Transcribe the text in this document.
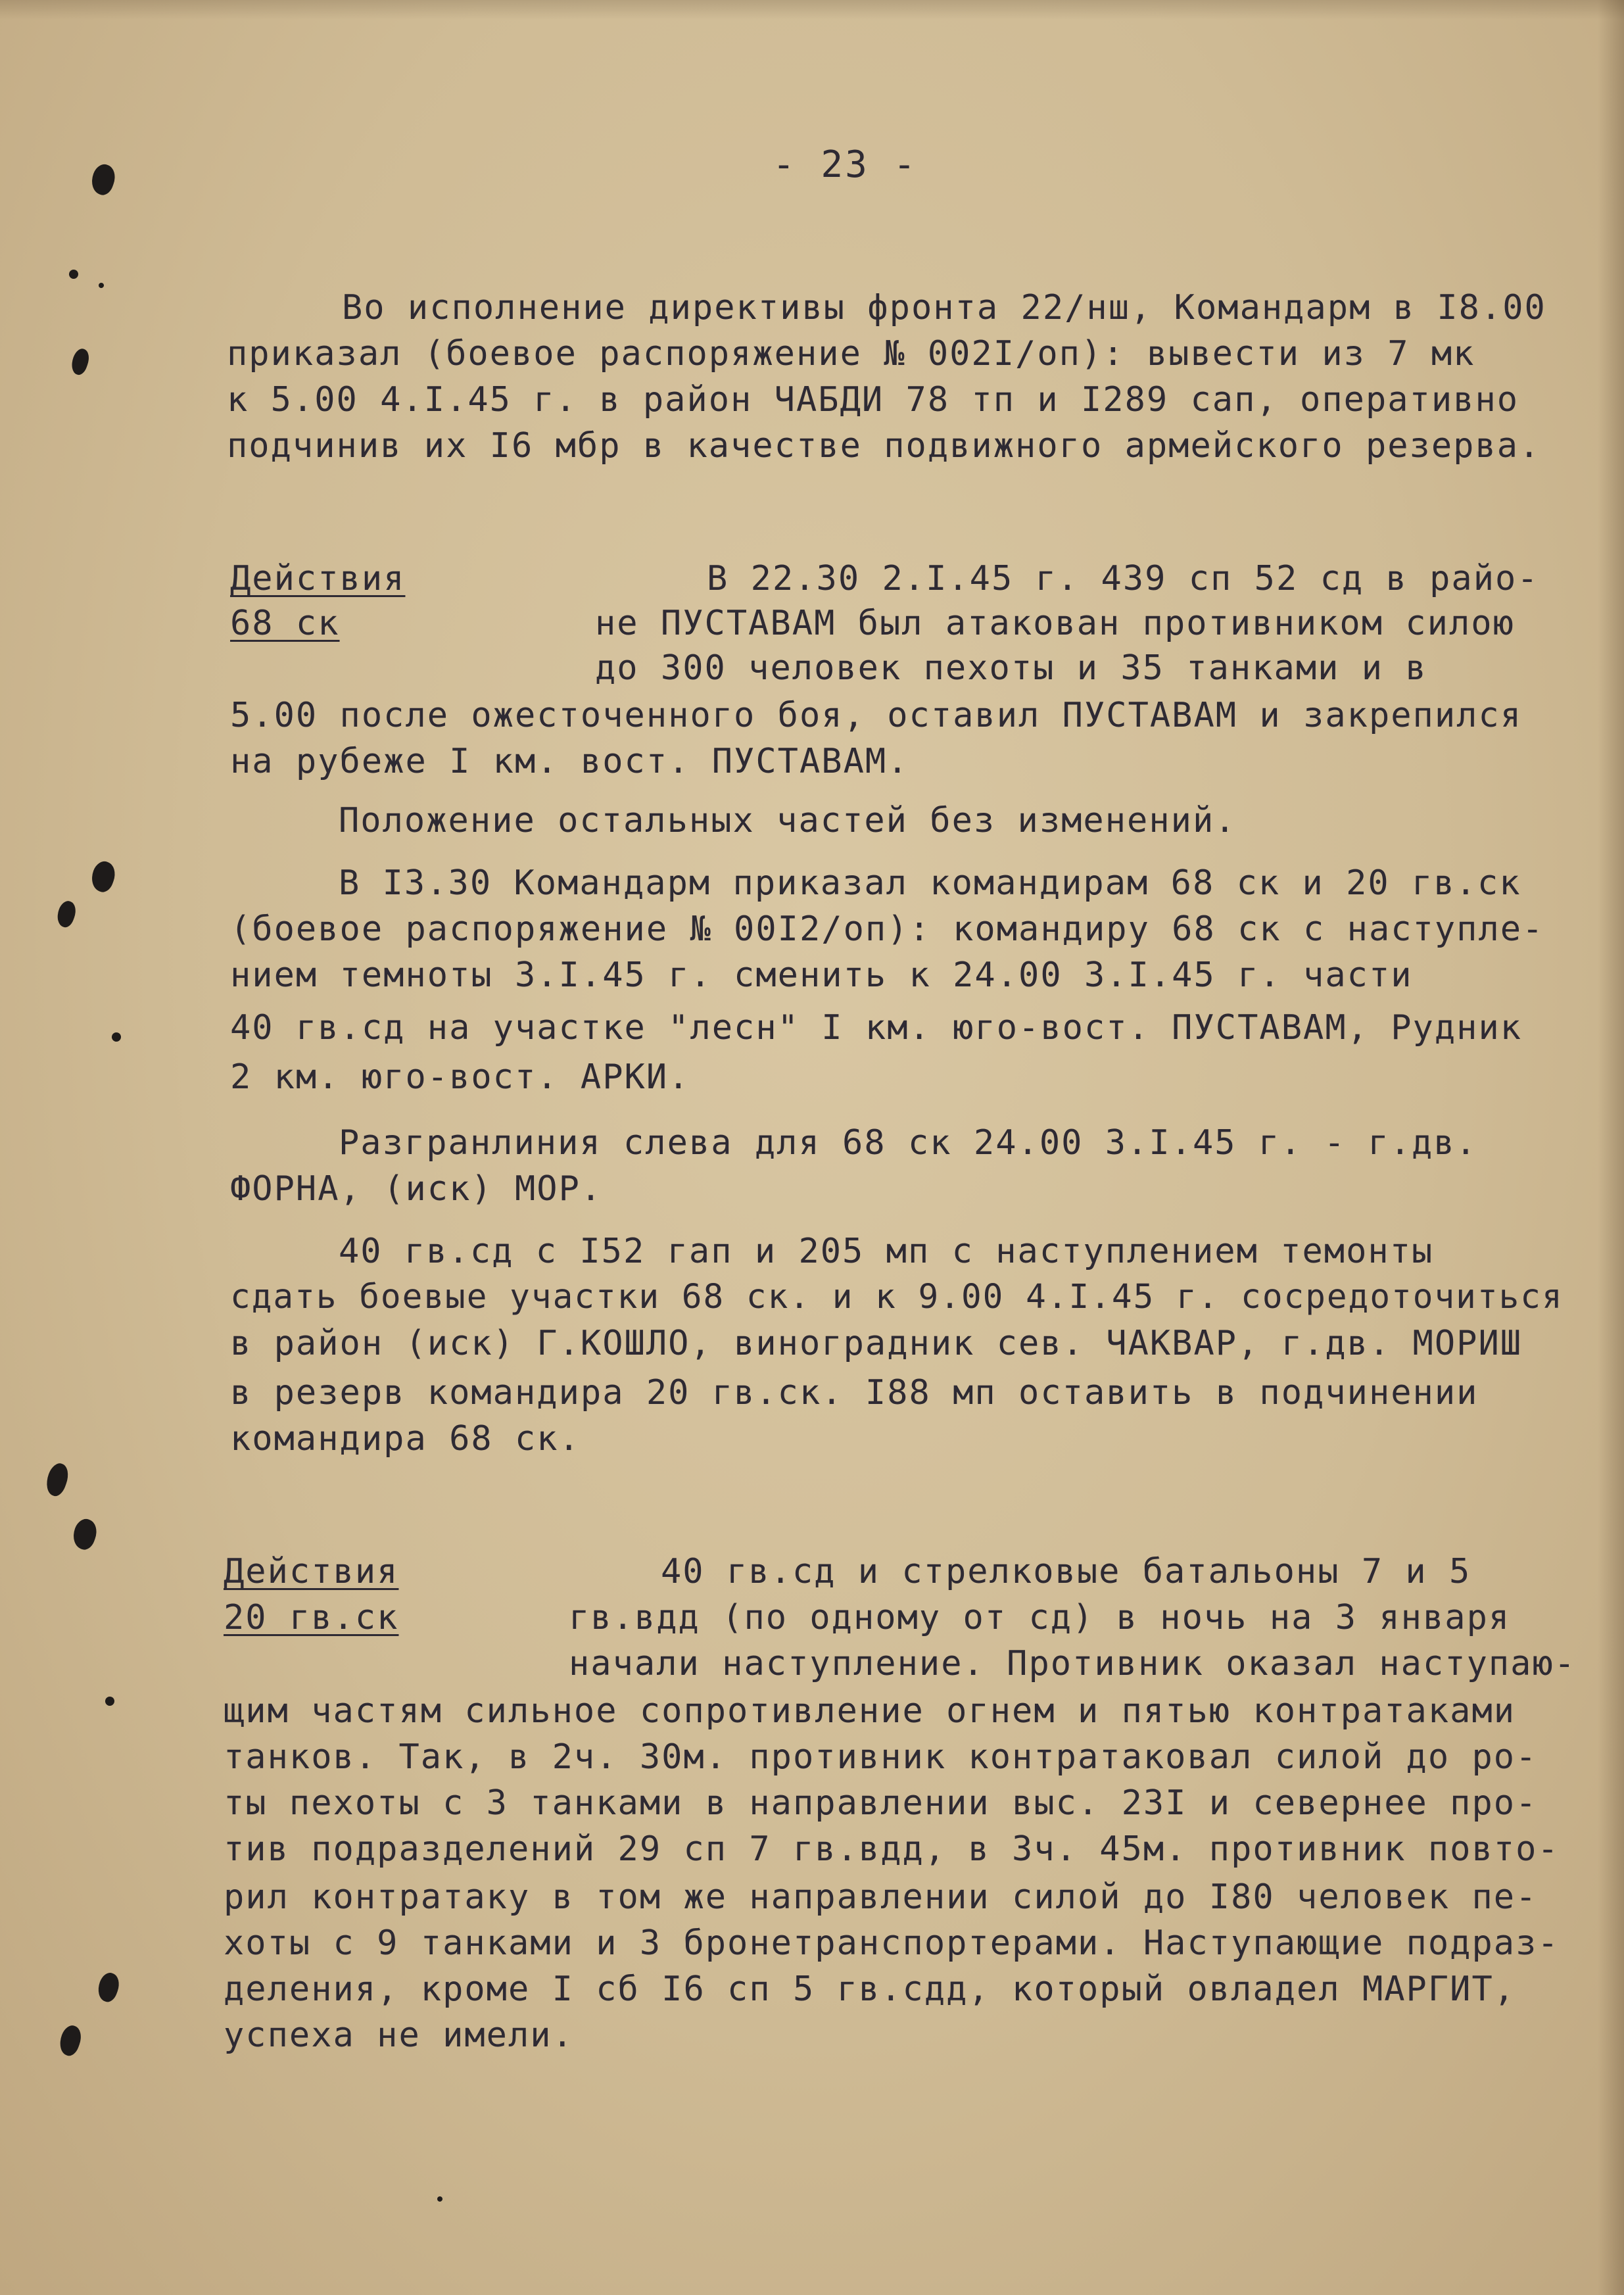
- 23 -
Во исполнение директивы фронта 22/нш, Командарм в I8.00
приказал (боевое распоряжение № 002I/оп): вывести из 7 мк
к 5.00 4.I.45 г. в район ЧАБДИ 78 тп и I289 сап, оперативно
подчинив их I6 мбр в качестве подвижного армейского резерва.
Действия
68 ск
В 22.30 2.I.45 г. 439 сп 52 сд в райо-
не ПУСТАВАМ был атакован противником силою
до 300 человек пехоты и 35 танками и в
5.00 после ожесточенного боя, оставил ПУСТАВАМ и закрепился
на рубеже I км. вост. ПУСТАВАМ.
Положение остальных частей без изменений.
В I3.30 Командарм приказал командирам 68 ск и 20 гв.ск
(боевое распоряжение № 00I2/оп): командиру 68 ск с наступле-
нием темноты 3.I.45 г. сменить к 24.00 3.I.45 г. части
40 гв.сд на участке "лесн" I км. юго-вост. ПУСТАВАМ, Рудник
2 км. юго-вост. АРКИ.
Разгранлиния слева для 68 ск 24.00 3.I.45 г. - г.дв.
ФОРНА, (иск) МОР.
40 гв.сд с I52 гап и 205 мп с наступлением темонты
сдать боевые участки 68 ск. и к 9.00 4.I.45 г. сосредоточиться
в район (иск) Г.КОШЛО, виноградник сев. ЧАКВАР, г.дв. МОРИШ
в резерв командира 20 гв.ск. I88 мп оставить в подчинении
командира 68 ск.
Действия
20 гв.ск
40 гв.сд и стрелковые батальоны 7 и 5
гв.вдд (по одному от сд) в ночь на 3 января
начали наступление. Противник оказал наступаю-
щим частям сильное сопротивление огнем и пятью контратаками
танков. Так, в 2ч. 30м. противник контратаковал силой до ро-
ты пехоты с 3 танками в направлении выс. 23I и севернее про-
тив подразделений 29 сп 7 гв.вдд, в 3ч. 45м. противник повто-
рил контратаку в том же направлении силой до I80 человек пе-
хоты с 9 танками и 3 бронетранспортерами. Наступающие подраз-
деления, кроме I сб I6 сп 5 гв.сдд, который овладел МАРГИТ,
успеха не имели.
